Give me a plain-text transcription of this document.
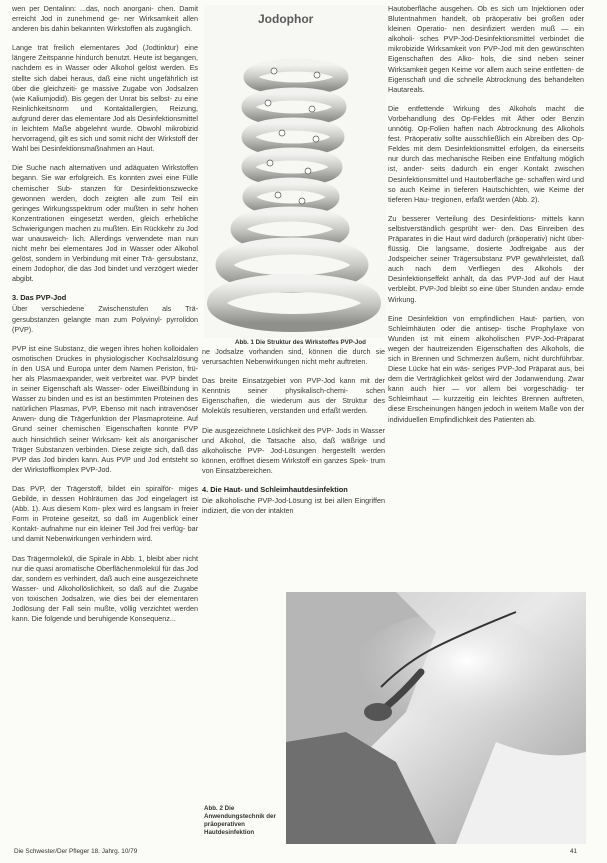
wen per Dentalinn: ...das, noch anorgani- chen. Damit erreicht Jod in zunehmend ge- ner Wirksamkeit allen anderen bis dahin bekannten Wirkstoffen als zugänglich.

Lange trat freilich elementares Jod (Jodtinktur) eine längere Zeitspanne hindurch benutzt. Heute ist begangen, nachdem es in Wasser oder Alkohol gelöst werden. Es stellte sich dabei heraus, daß eine nicht ungefährlich ist über die gleichzeiti- ge massive Zugabe von Jodsalzen (wie Kaliumjodid). Bis gegen der Unrat bis selbst- zu eine Reinlichkeitsnorm und Kontaktallergien, Reizung, aufgrund derer das elementare Jod als Desinfektionsmittel in leichtem Maße abgelehnt wurde. Obwohl mikrobizid hervorragend, gilt es sich und somit nicht der Wirkstoff der Wahl bei Desinfektionsmaßnahmen an Haut.

Die Suche nach alternativen und adäquaten Wirkstoffen begann. Sie war erfolgreich. Es konnten zwei eine Fülle chemischer Sub- stanzen für Desinfektionszwecke gewonnen werden, doch zeigten alle zum Teil ein geringes Wirkungsspektrum oder mußten in sehr hohen Konzentrationen eingesetzt werden, gleich erhebliche Schwierigungen machen zu mußten. Ein Rückkehr zu Jod war unausweich- lich. Allerdings verwendete man nun nicht mehr bei elementares Jod in Wasser oder Alkohol gelöst, sondern in Verbindung mit einer Trä- gersubstanz, einem Jodophor, die das Jod bindet und verzögert wieder abgibt.

3. Das PVP-Jod

Über verschiedene Zwischenstufen als Trä- gersubstanzen gelangte man zum Polyvinyl- pyrrolidon (PVP).

PVP ist eine Substanz, die wegen ihres hohen kolloidalen osmotischen Druckes in physiologischer Kochsalzlösung in den USA und Europa unter dem Namen Periston, frü- her als Plasmaexpander, weit verbreitet war. PVP bindet in seiner Eigenschaft als Wasser- oder Eiweißbindung in Wasser zu binden und es ist an bestimmten Proteinen des natürlichen Plasmas, PVP, Ebenso mit nach intravenöser Anwen- dung die Trägerfunktion der Plasmaproteine. Auf Grund seiner chemischen Eigenschaften konnte PVP auch hinsichtlich seiner Wirksam- keit als anorganischer Träger Substanzen verbinden. Diese zeigte sich, daß das PVP das Jod binden kann. Aus PVP und Jod entsteht so der Wirkstoffkomplex PVP-Jod.

Das PVP, der Trägerstoff, bildet ein spiralför- miges Gebilde, in dessen Hohlräumen das Jod eingelagert ist (Abb. 1). Aus diesem Kom- plex wird es langsam in freier Form in Proteine geseitzt, so daß im Augenblick einer Kontakt- aufnahme nur ein kleiner Teil Jod frei verfüg- bar und damit Nebenwirkungen verhindern wird.

Das Trägermolekül, die Spirale in Abb. 1, bleibt aber nicht nur die quasi aromatische Oberflächenmolekül für das Jod dar, sondern es verhindert, daß auch eine ausgezeichnete Wasser- und Alkohollöslichkeit, so daß auf die Zugabe von toxischen Jodsalzen, wie dies bei der elementaren Jodlösung der Fall sein mußte, völlig verzichtet werden kann. Die folgende und beruhigende Konsequenz...

Jodophor
Abb. 1 Die Struktur des Wirkstoffes PVP-Jod

ne Jodsalze vorhanden sind, können die durch sie verursachten Nebenwirkungen nicht mehr auftreten.

Das breite Einsatzgebiet von PVP-Jod kann mit der Kenntnis seiner physikalisch-chemi- schen Eigenschaften, die wiederum aus der Struktur des Moleküls resultieren, verstanden und erfaßt werden.

Die ausgezeichnete Löslichkeit des PVP- Jods in Wasser und Alkohol, die Tatsache also, daß wäßrige und alkoholische PVP- Jod-Lösungen hergestellt werden können, eröffnet diesem Wirkstoff ein ganzes Spek- trum von Einsatzbereichen.

4. Die Haut- und Schleimhautdesinfektion

Die alkoholische PVP-Jod-Lösung ist bei allen Eingriffen indiziert, die von der intakten

Hautoberfläche ausgehen. Ob es sich um Injektionen oder Blutentnahmen handelt, ob präoperativ bei großen oder kleinen Operatio- nen desinfiziert werden muß — ein alkoholi- sches PVP-Jod-Desinfektionsmittel verbindet die mikrobizide Wirksamkeit von PVP-Jod mit den gewünschten Eigenschaften des Alko- hols, die sind neben seiner Wirksamkeit gegen Keime vor allem auch seine entfetten- de Eigenschaft und die schnelle Abtrocknung des behandelten Hautareals.

Die entfettende Wirkung des Alkohols macht die Vorbehandlung des Op-Feldes mit Äther oder Benzin unnötig. Op-Folien haften nach Abtrocknung des Alkohols fest. Präoperativ sollte ausschließlich ein Abreiben des Op- Feldes mit dem Desinfektionsmittel erfolgen, da einerseits nur durch das mechanische Reiben eine Entfaltung möglich ist, ander- seits dadurch ein enger Kontakt zwischen Desinfektionsmittel und Hautoberfläche ge- schaffen wird und so auch Keime in tieferen Hautschichten, wie Keime der tieferen Hau- tregionen, erfaßt werden (Abb. 2).

Zu besserer Verteilung des Desinfektions- mittels kann selbstverständlich gesprüht wer- den. Das Einreiben des Präparates in die Haut wird dadurch (präoperativ) nicht über- flüssig. Die langsame, dosierte Jodfreigabe aus der Jodspeicher seiner Trägersubstanz PVP gewährleistet, daß auch nach dem Verfliegen des Alkohols der Desinfektionseffekt anhält, da das PVP-Jod auf der Haut verbleibt. PVP-Jod bleibt so eine über Stunden andau- ernde Wirkung.

Eine Desinfektion von empfindlichen Haut- partien, von Schleimhäuten oder die antisep- tische Prophylaxe von Wunden ist mit einem alkoholischen PVP-Jod-Präparat wegen der hautreizenden Eigenschaften des Alkohols, die sich in Brennen und Schmerzen äußern, nicht durchführbar. Diese Lücke hat ein wäs- seriges PVP-Jod Präparat aus, bei dem die Verträglichkeit gelöst wird der Jodanwendung. Zwar kann auch hier — vor allem bei vorgeschädig- ter Schleimhaut — kurzzeitig ein leichtes Brennen auftreten, diese Erscheinungen hängen jedoch in weitem Maße von der individuellen Empfindlichkeit des Patienten ab.

Abb. 2 Die Anwendungstechnik der präoperativen Hautdesinfektion
Die Schwester/Der Pfleger 18. Jahrg. 10/79	41
